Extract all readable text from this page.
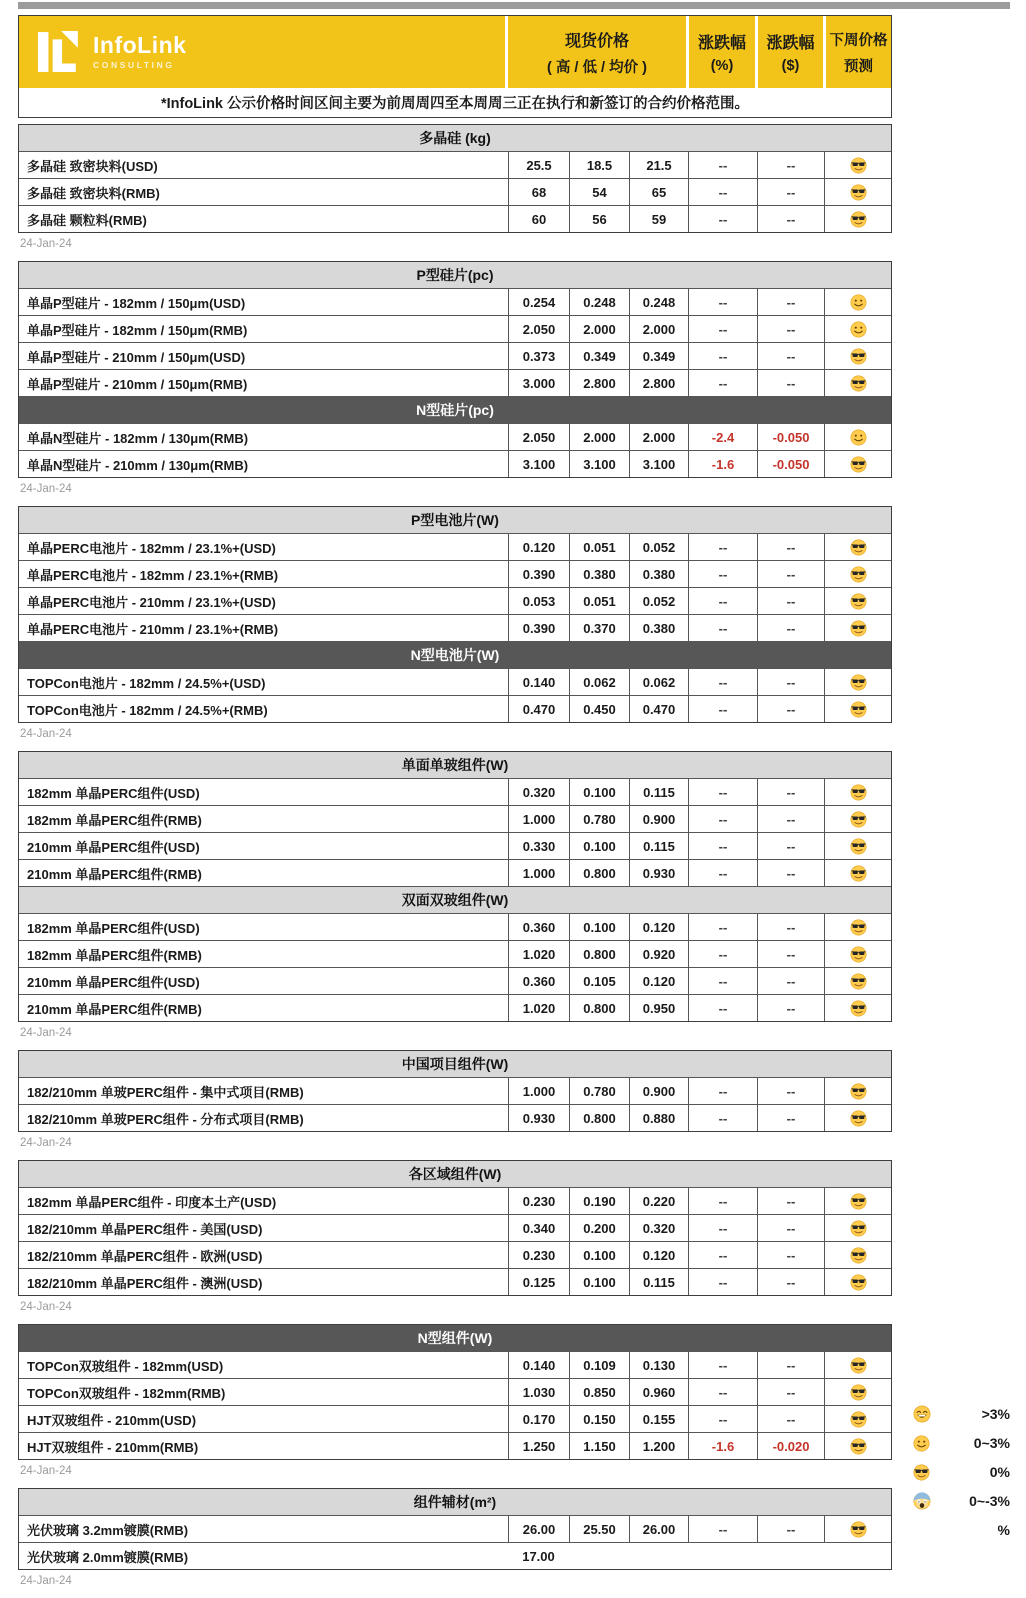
InfoLink
CONSULTING
现货价格
( 高 / 低 / 均价 )
涨跌幅
(%)
涨跌幅
($)
下周价格
预测
*InfoLink 公示价格时间区间主要为前周周四至本周周三正在执行和新签订的合约价格范围。
多晶硅 (kg)
多晶硅 致密块料(USD)	25.5	18.5	21.5	--	--
多晶硅 致密块料(RMB)	68	54	65	--	--
多晶硅 颗粒料(RMB)	60	56	59	--	--
24-Jan-24
P型硅片(pc)
单晶P型硅片 - 182mm / 150μm(USD)	0.254	0.248	0.248	--	--
单晶P型硅片 - 182mm / 150μm(RMB)	2.050	2.000	2.000	--	--
单晶P型硅片 - 210mm / 150μm(USD)	0.373	0.349	0.349	--	--
单晶P型硅片 - 210mm / 150μm(RMB)	3.000	2.800	2.800	--	--
N型硅片(pc)
单晶N型硅片 - 182mm / 130μm(RMB)	2.050	2.000	2.000	-2.4	-0.050
单晶N型硅片 - 210mm / 130μm(RMB)	3.100	3.100	3.100	-1.6	-0.050
24-Jan-24
P型电池片(W)
单晶PERC电池片 - 182mm / 23.1%+(USD)	0.120	0.051	0.052	--	--
单晶PERC电池片 - 182mm / 23.1%+(RMB)	0.390	0.380	0.380	--	--
单晶PERC电池片 - 210mm / 23.1%+(USD)	0.053	0.051	0.052	--	--
单晶PERC电池片 - 210mm / 23.1%+(RMB)	0.390	0.370	0.380	--	--
N型电池片(W)
TOPCon电池片 - 182mm / 24.5%+(USD)	0.140	0.062	0.062	--	--
TOPCon电池片 - 182mm / 24.5%+(RMB)	0.470	0.450	0.470	--	--
24-Jan-24
单面单玻组件(W)
182mm 单晶PERC组件(USD)	0.320	0.100	0.115	--	--
182mm 单晶PERC组件(RMB)	1.000	0.780	0.900	--	--
210mm 单晶PERC组件(USD)	0.330	0.100	0.115	--	--
210mm 单晶PERC组件(RMB)	1.000	0.800	0.930	--	--
双面双玻组件(W)
182mm 单晶PERC组件(USD)	0.360	0.100	0.120	--	--
182mm 单晶PERC组件(RMB)	1.020	0.800	0.920	--	--
210mm 单晶PERC组件(USD)	0.360	0.105	0.120	--	--
210mm 单晶PERC组件(RMB)	1.020	0.800	0.950	--	--
24-Jan-24
中国项目组件(W)
182/210mm 单玻PERC组件 - 集中式项目(RMB)	1.000	0.780	0.900	--	--
182/210mm 单玻PERC组件 - 分布式项目(RMB)	0.930	0.800	0.880	--	--
24-Jan-24
各区域组件(W)
182mm 单晶PERC组件 - 印度本土产(USD)	0.230	0.190	0.220	--	--
182/210mm 单晶PERC组件 - 美国(USD)	0.340	0.200	0.320	--	--
182/210mm 单晶PERC组件 - 欧洲(USD)	0.230	0.100	0.120	--	--
182/210mm 单晶PERC组件 - 澳洲(USD)	0.125	0.100	0.115	--	--
24-Jan-24
N型组件(W)
TOPCon双玻组件 - 182mm(USD)	0.140	0.109	0.130	--	--
TOPCon双玻组件 - 182mm(RMB)	1.030	0.850	0.960	--	--
HJT双玻组件 - 210mm(USD)	0.170	0.150	0.155	--	--
HJT双玻组件 - 210mm(RMB)	1.250	1.150	1.200	-1.6	-0.020
24-Jan-24
组件辅材(m²)
光伏玻璃 3.2mm镀膜(RMB)	26.00	25.50	26.00	--	--
光伏玻璃 2.0mm镀膜(RMB)	17.00
24-Jan-24
>3%
0~3%
0%
0~-3%
%
